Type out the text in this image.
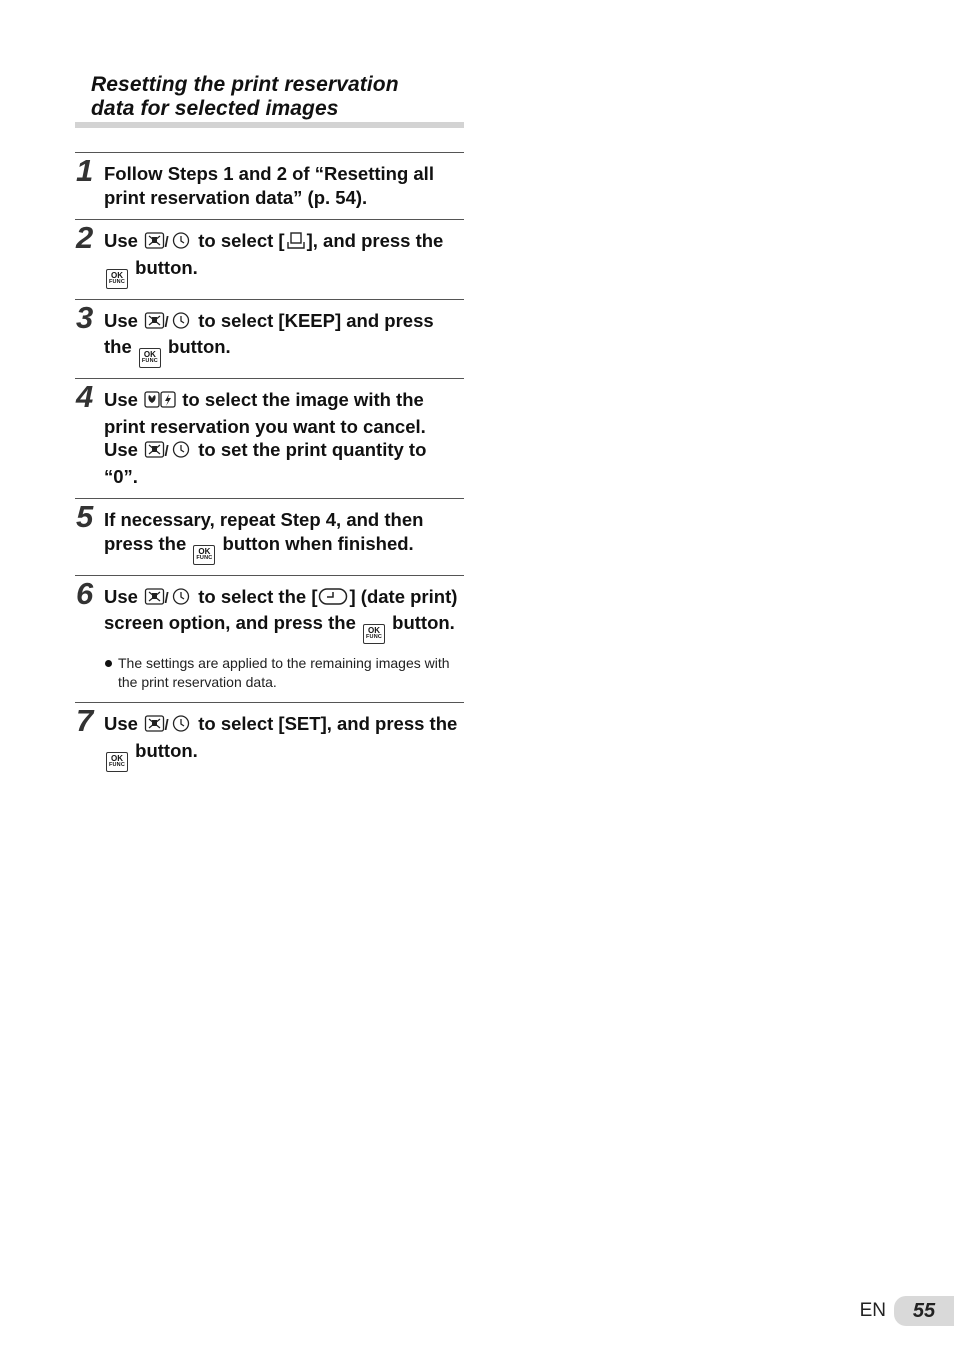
Resetting the print reservation
data for selected images
1 Follow Steps 1 and 2 of “Resetting all print reservation data” (p. 54).
2 Use / to select [ ], and press the
OK
FUNC
button.
3 Use / to select [KEEP] and press the OK
FUNC
button.
4 Use to select the image with the print reservation you want to cancel.
Use / to set the print quantity to “0”.
5 If necessary, repeat Step 4, and then press the OK
FUNC
button when finished.
6 Use / to select the [ ] (date print) screen option, and press the OK
FUNC
button.
The settings are applied to the remaining images with the print reservation data.
7 Use / to select [SET], and press the
OK
FUNC
button.
EN	55
